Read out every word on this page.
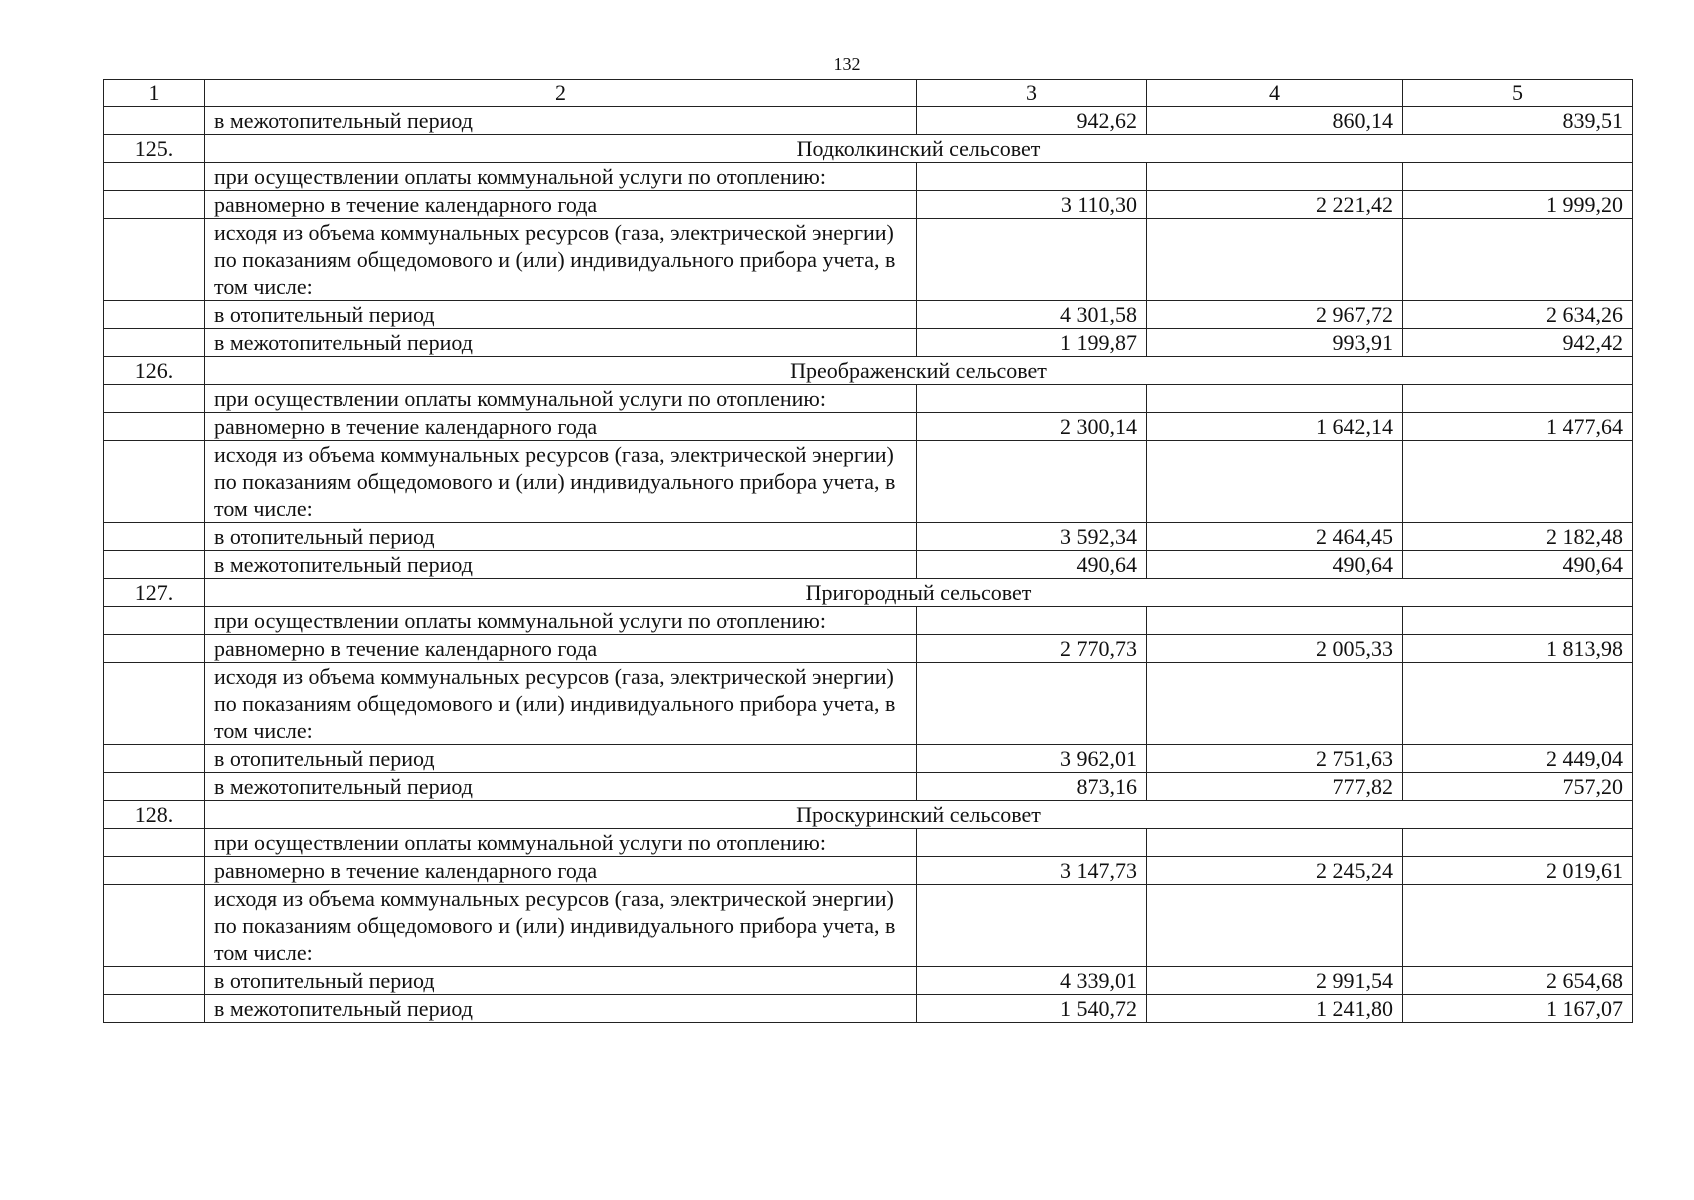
132
1	2	3	4	5
	в межотопительный период	942,62	860,14	839,51
125.	Подколкинский сельсовет			
	при осуществлении оплаты коммунальной услуги по отоплению:			
	равномерно в течение календарного года	3 110,30	2 221,42	1 999,20
	исходя из объема коммунальных ресурсов (газа, электрической энергии) по показаниям общедомового и (или) индивидуального прибора учета, в том числе:			
	в отопительный период	4 301,58	2 967,72	2 634,26
	в межотопительный период	1 199,87	993,91	942,42
126.	Преображенский сельсовет			
	при осуществлении оплаты коммунальной услуги по отоплению:			
	равномерно в течение календарного года	2 300,14	1 642,14	1 477,64
	исходя из объема коммунальных ресурсов (газа, электрической энергии) по показаниям общедомового и (или) индивидуального прибора учета, в том числе:			
	в отопительный период	3 592,34	2 464,45	2 182,48
	в межотопительный период	490,64	490,64	490,64
127.	Пригородный сельсовет			
	при осуществлении оплаты коммунальной услуги по отоплению:			
	равномерно в течение календарного года	2 770,73	2 005,33	1 813,98
	исходя из объема коммунальных ресурсов (газа, электрической энергии) по показаниям общедомового и (или) индивидуального прибора учета, в том числе:			
	в отопительный период	3 962,01	2 751,63	2 449,04
	в межотопительный период	873,16	777,82	757,20
128.	Проскуринский сельсовет			
	при осуществлении оплаты коммунальной услуги по отоплению:			
	равномерно в течение календарного года	3 147,73	2 245,24	2 019,61
	исходя из объема коммунальных ресурсов (газа, электрической энергии) по показаниям общедомового и (или) индивидуального прибора учета, в том числе:			
	в отопительный период	4 339,01	2 991,54	2 654,68
	в межотопительный период	1 540,72	1 241,80	1 167,07
